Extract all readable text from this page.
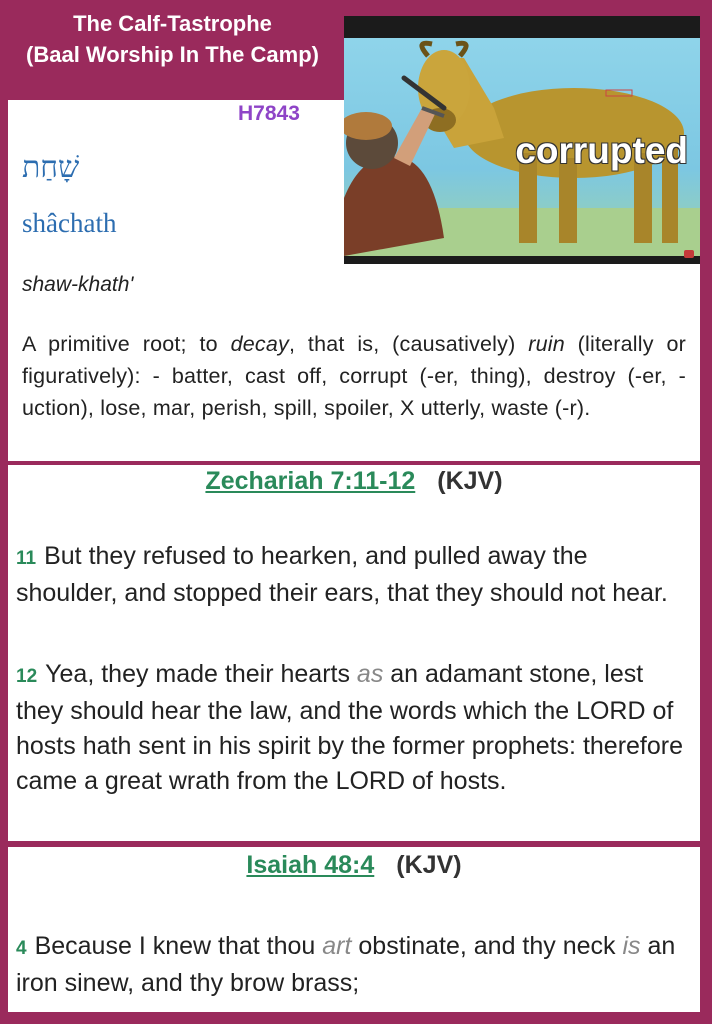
The Calf-Tastrophe
(Baal Worship In The Camp)
H7843
שָׁחַת
shâchath
shaw-khath'
A primitive root; to decay, that is, (causatively) ruin (literally or figuratively): - batter, cast off, corrupt (-er, thing), destroy (-er, -uction), lose, mar, perish, spill, spoiler, X utterly, waste (-r).
corrupted
Zechariah 7:11-12 (KJV)
11 But they refused to hearken, and pulled away the shoulder, and stopped their ears, that they should not hear.
12 Yea, they made their hearts as an adamant stone, lest they should hear the law, and the words which the LORD of hosts hath sent in his spirit by the former prophets: therefore came a great wrath from the LORD of hosts.
Isaiah 48:4 (KJV)
4 Because I knew that thou art obstinate, and thy neck is an iron sinew, and thy brow brass;
